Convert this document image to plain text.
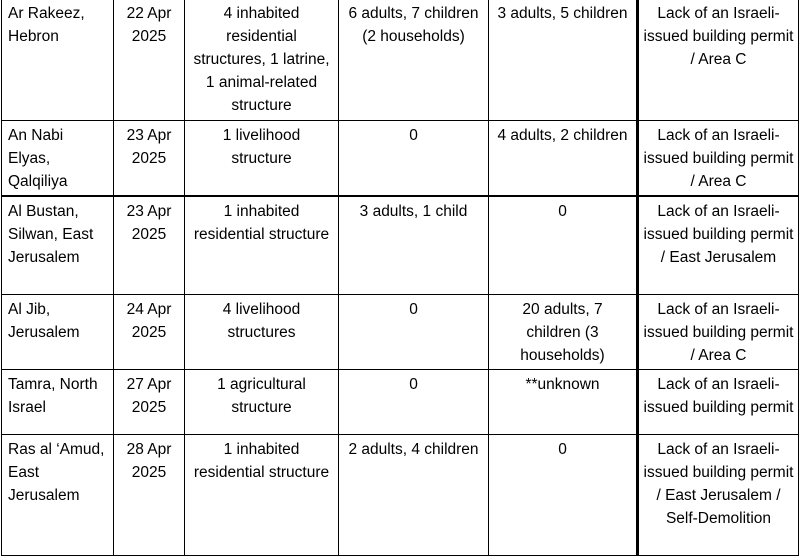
Ar Rakeez, Hebron	22 Apr 2025	4 inhabited residential structures, 1 latrine, 1 animal-related structure	6 adults, 7 children (2 households)	3 adults, 5 children	Lack of an Israeli-issued building permit / Area C
An Nabi Elyas, Qalqiliya	23 Apr 2025	1 livelihood structure	0	4 adults, 2 children	Lack of an Israeli-issued building permit / Area C
Al Bustan, Silwan, East Jerusalem	23 Apr 2025	1 inhabited residential structure	3 adults, 1 child	0	Lack of an Israeli-issued building permit / East Jerusalem
Al Jib, Jerusalem	24 Apr 2025	4 livelihood structures	0	20 adults, 7 children (3 households)	Lack of an Israeli-issued building permit / Area C
Tamra, North Israel	27 Apr 2025	1 agricultural structure	0	**unknown	Lack of an Israeli-issued building permit
Ras al ‘Amud, East Jerusalem	28 Apr 2025	1 inhabited residential structure	2 adults, 4 children	0	Lack of an Israeli-issued building permit / East Jerusalem / Self-Demolition
